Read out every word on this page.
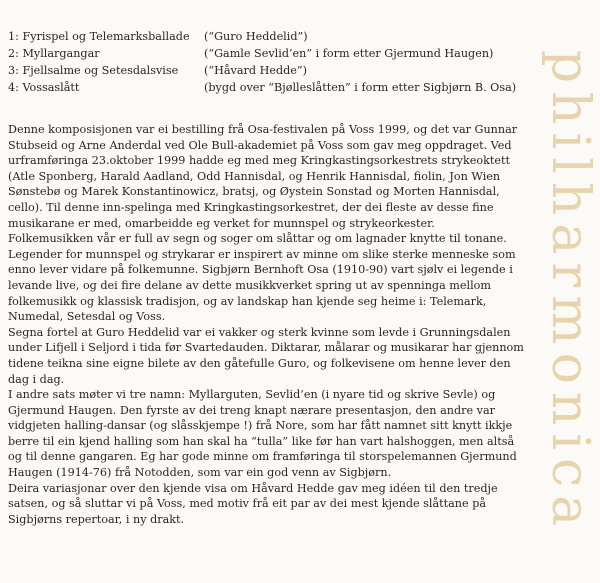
1: Fyrispel og Telemarksballade	(“Guro Heddelid”)
2: Myllargangar	(“Gamle Sevlid’en” i form etter Gjermund Haugen)
3: Fjellsalme og Setesdalsvise	(“Håvard Hedde”)
4: Vossaslått	(bygd over “Bjølleslåtten” i form etter Sigbjørn B. Osa)

Denne komposisjonen var ei bestilling frå Osa-festivalen på Voss 1999, og det var Gunnar Stubseid og Arne Anderdal ved Ole Bull-akademiet på Voss som gav meg oppdraget. Ved urframføringa 23.oktober 1999 hadde eg med meg Kringkastingsorkestrets strykeoktett (Atle Sponberg, Harald Aadland, Odd Hannisdal, og Henrik Hannisdal, fiolin, Jon Wien Sønstebø og Marek Konstantinowicz, bratsj, og Øystein Sonstad og Morten Hannisdal, cello). Til denne inn-spelinga med Kringkastingsorkestret, der dei fleste av desse fine musikarane er med, omarbeidde eg verket for munnspel og strykeorkester.

Folkemusikken vår er full av segn og soger om slåttar og om lagnader knytte til tonane. Legender for munnspel og strykarar er inspirert av minne om slike sterke menneske som enno lever vidare på folkemunne. Sigbjørn Bernhoft Osa (1910-90) vart sjølv ei legende i levande live, og dei fire delane av dette musikkverket spring ut av spenninga mellom folkemusikk og klassisk tradisjon, og av landskap han kjende seg heime i: Telemark, Numedal, Setesdal og Voss.

Segna fortel at Guro Heddelid var ei vakker og sterk kvinne som levde i Grunningsdalen under Lifjell i Seljord i tida før Svartedauden. Diktarar, målarar og musikarar har gjennom tidene teikna sine eigne bilete av den gåtefulle Guro, og folkevisene om henne lever den dag i dag.

I andre sats møter vi tre namn: Myllarguten, Sevlid’en (i nyare tid og skrive Sevle) og Gjermund Haugen. Den fyrste av dei treng knapt nærare presentasjon, den andre var vidgjeten halling-dansar (og slåsskjempe !) frå Nore, som har fått namnet sitt knytt ikkje berre til ein kjend halling som han skal ha “tulla” like før han vart halshoggen, men altså og til denne gangaren. Eg har gode minne om framføringa til storspelemannen Gjermund Haugen (1914-76) frå Notodden, som var ein god venn av Sigbjørn.

Deira variasjonar over den kjende visa om Håvard Hedde gav meg idéen til den tredje satsen, og så sluttar vi på Voss, med motiv frå eit par av dei mest kjende slåttane på Sigbjørns repertoar, i ny drakt.	philharmonica
